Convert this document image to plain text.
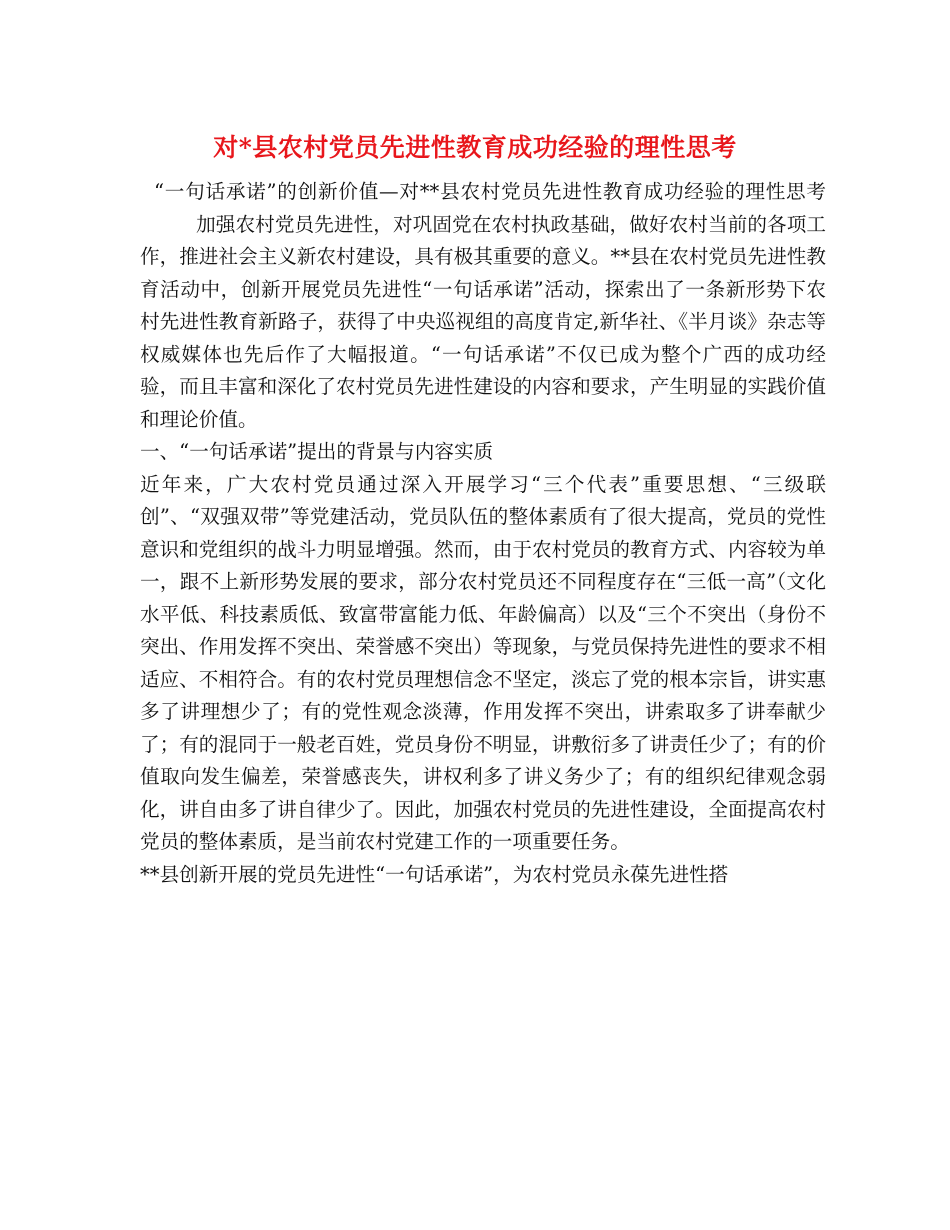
对*县农村党员先进性教育成功经验的理性思考

“一句话承诺”的创新价值—对**县农村党员先进性教育成功经验的理性思考加强农村党员先进性，对巩固党在农村执政基础，做好农村当前的各项工作，推进社会主义新农村建设，具有极其重要的意义。**县在农村党员先进性教育活动中，创新开展党员先进性“一句话承诺”活动，探索出了一条新形势下农村先进性教育新路子，获得了中央巡视组的高度肯定,新华社、《半月谈》杂志等权威媒体也先后作了大幅报道。“一句话承诺”不仅已成为整个广西的成功经验，而且丰富和深化了农村党员先进性建设的内容和要求，产生明显的实践价值和理论价值。

一、“一句话承诺”提出的背景与内容实质

近年来，广大农村党员通过深入开展学习“三个代表”重要思想、“三级联创”、“双强双带”等党建活动，党员队伍的整体素质有了很大提高，党员的党性意识和党组织的战斗力明显增强。然而，由于农村党员的教育方式、内容较为单一，跟不上新形势发展的要求，部分农村党员还不同程度存在“三低一高”（文化水平低、科技素质低、致富带富能力低、年龄偏高）以及“三个不突出（身份不突出、作用发挥不突出、荣誉感不突出）等现象，与党员保持先进性的要求不相适应、不相符合。有的农村党员理想信念不坚定，淡忘了党的根本宗旨，讲实惠多了讲理想少了；有的党性观念淡薄，作用发挥不突出，讲索取多了讲奉献少了；有的混同于一般老百姓，党员身份不明显，讲敷衍多了讲责任少了；有的价值取向发生偏差，荣誉感丧失，讲权利多了讲义务少了；有的组织纪律观念弱化，讲自由多了讲自律少了。因此，加强农村党员的先进性建设，全面提高农村党员的整体素质，是当前农村党建工作的一项重要任务。

**县创新开展的党员先进性“一句话承诺”，为农村党员永葆先进性搭
